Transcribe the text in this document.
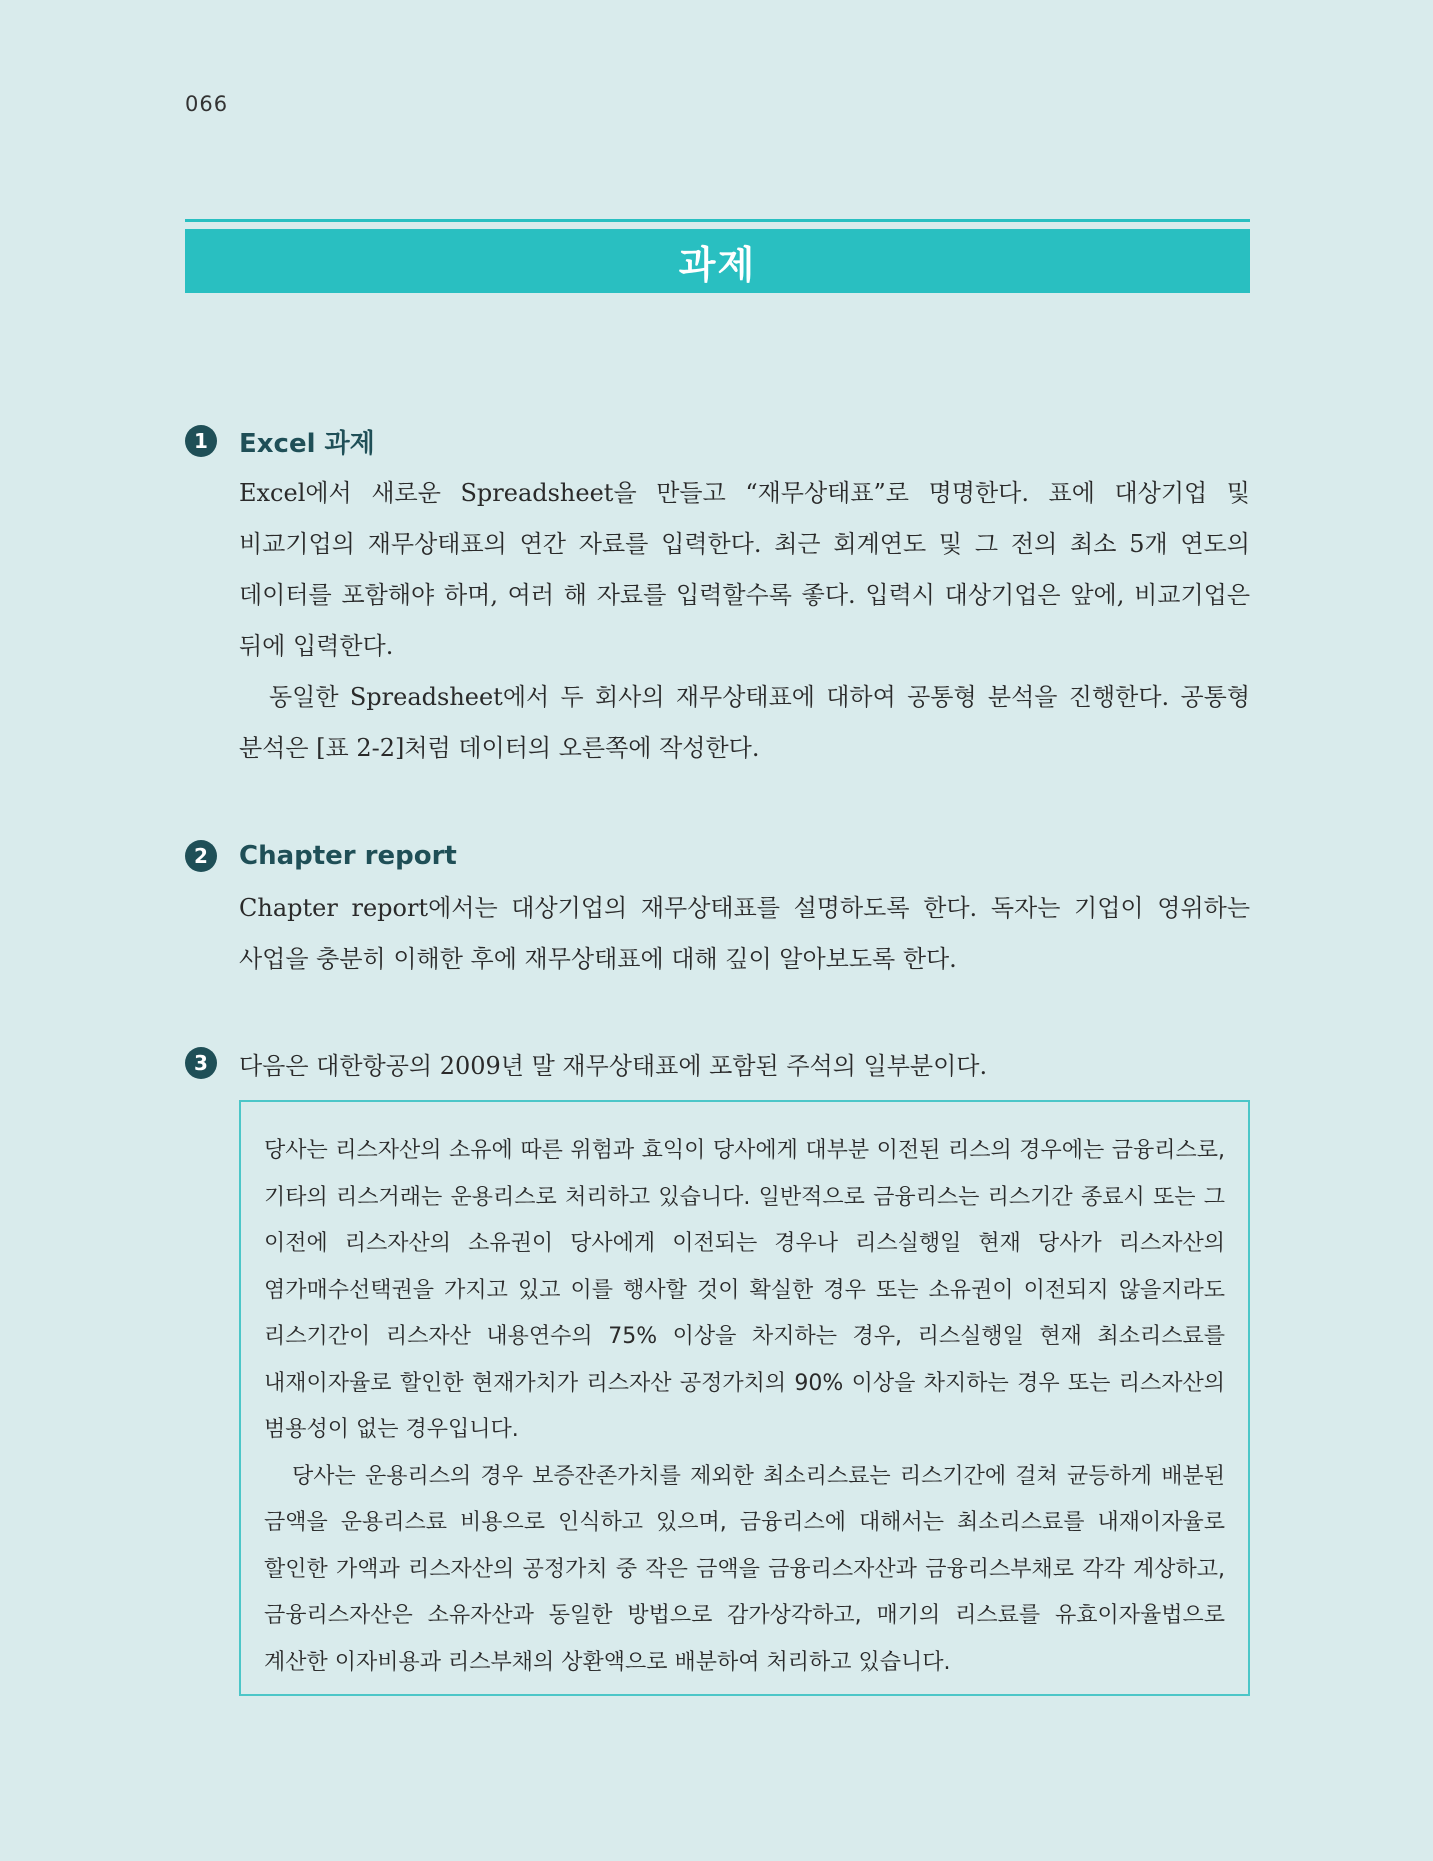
066
과제
1	Excel 과제

Excel에서 새로운 Spreadsheet을 만들고 “재무상태표”로 명명한다. 표에 대상기업 및 비교기업의 재무상태표의 연간 자료를 입력한다. 최근 회계연도 및 그 전의 최소 5개 연도의 데이터를 포함해야 하며, 여러 해 자료를 입력할수록 좋다. 입력시 대상기업은 앞에, 비교기업은 뒤에 입력한다.

동일한 Spreadsheet에서 두 회사의 재무상태표에 대하여 공통형 분석을 진행한다. 공통형 분석은 [표 2-2]처럼 데이터의 오른쪽에 작성한다.

2	Chapter report

Chapter report에서는 대상기업의 재무상태표를 설명하도록 한다. 독자는 기업이 영위하는 사업을 충분히 이해한 후에 재무상태표에 대해 깊이 알아보도록 한다.

3	다음은 대한항공의 2009년 말 재무상태표에 포함된 주석의 일부분이다.

당사는 리스자산의 소유에 따른 위험과 효익이 당사에게 대부분 이전된 리스의 경우에는 금융리스로, 기타의 리스거래는 운용리스로 처리하고 있습니다. 일반적으로 금융리스는 리스기간 종료시 또는 그 이전에 리스자산의 소유권이 당사에게 이전되는 경우나 리스실행일 현재 당사가 리스자산의 염가매수선택권을 가지고 있고 이를 행사할 것이 확실한 경우 또는 소유권이 이전되지 않을지라도 리스기간이 리스자산 내용연수의 75% 이상을 차지하는 경우, 리스실행일 현재 최소리스료를 내재이자율로 할인한 현재가치가 리스자산 공정가치의 90% 이상을 차지하는 경우 또는 리스자산의 범용성이 없는 경우입니다.

당사는 운용리스의 경우 보증잔존가치를 제외한 최소리스료는 리스기간에 걸쳐 균등하게 배분된 금액을 운용리스료 비용으로 인식하고 있으며, 금융리스에 대해서는 최소리스료를 내재이자율로 할인한 가액과 리스자산의 공정가치 중 작은 금액을 금융리스자산과 금융리스부채로 각각 계상하고, 금융리스자산은 소유자산과 동일한 방법으로 감가상각하고, 매기의 리스료를 유효이자율법으로 계산한 이자비용과 리스부채의 상환액으로 배분하여 처리하고 있습니다.
